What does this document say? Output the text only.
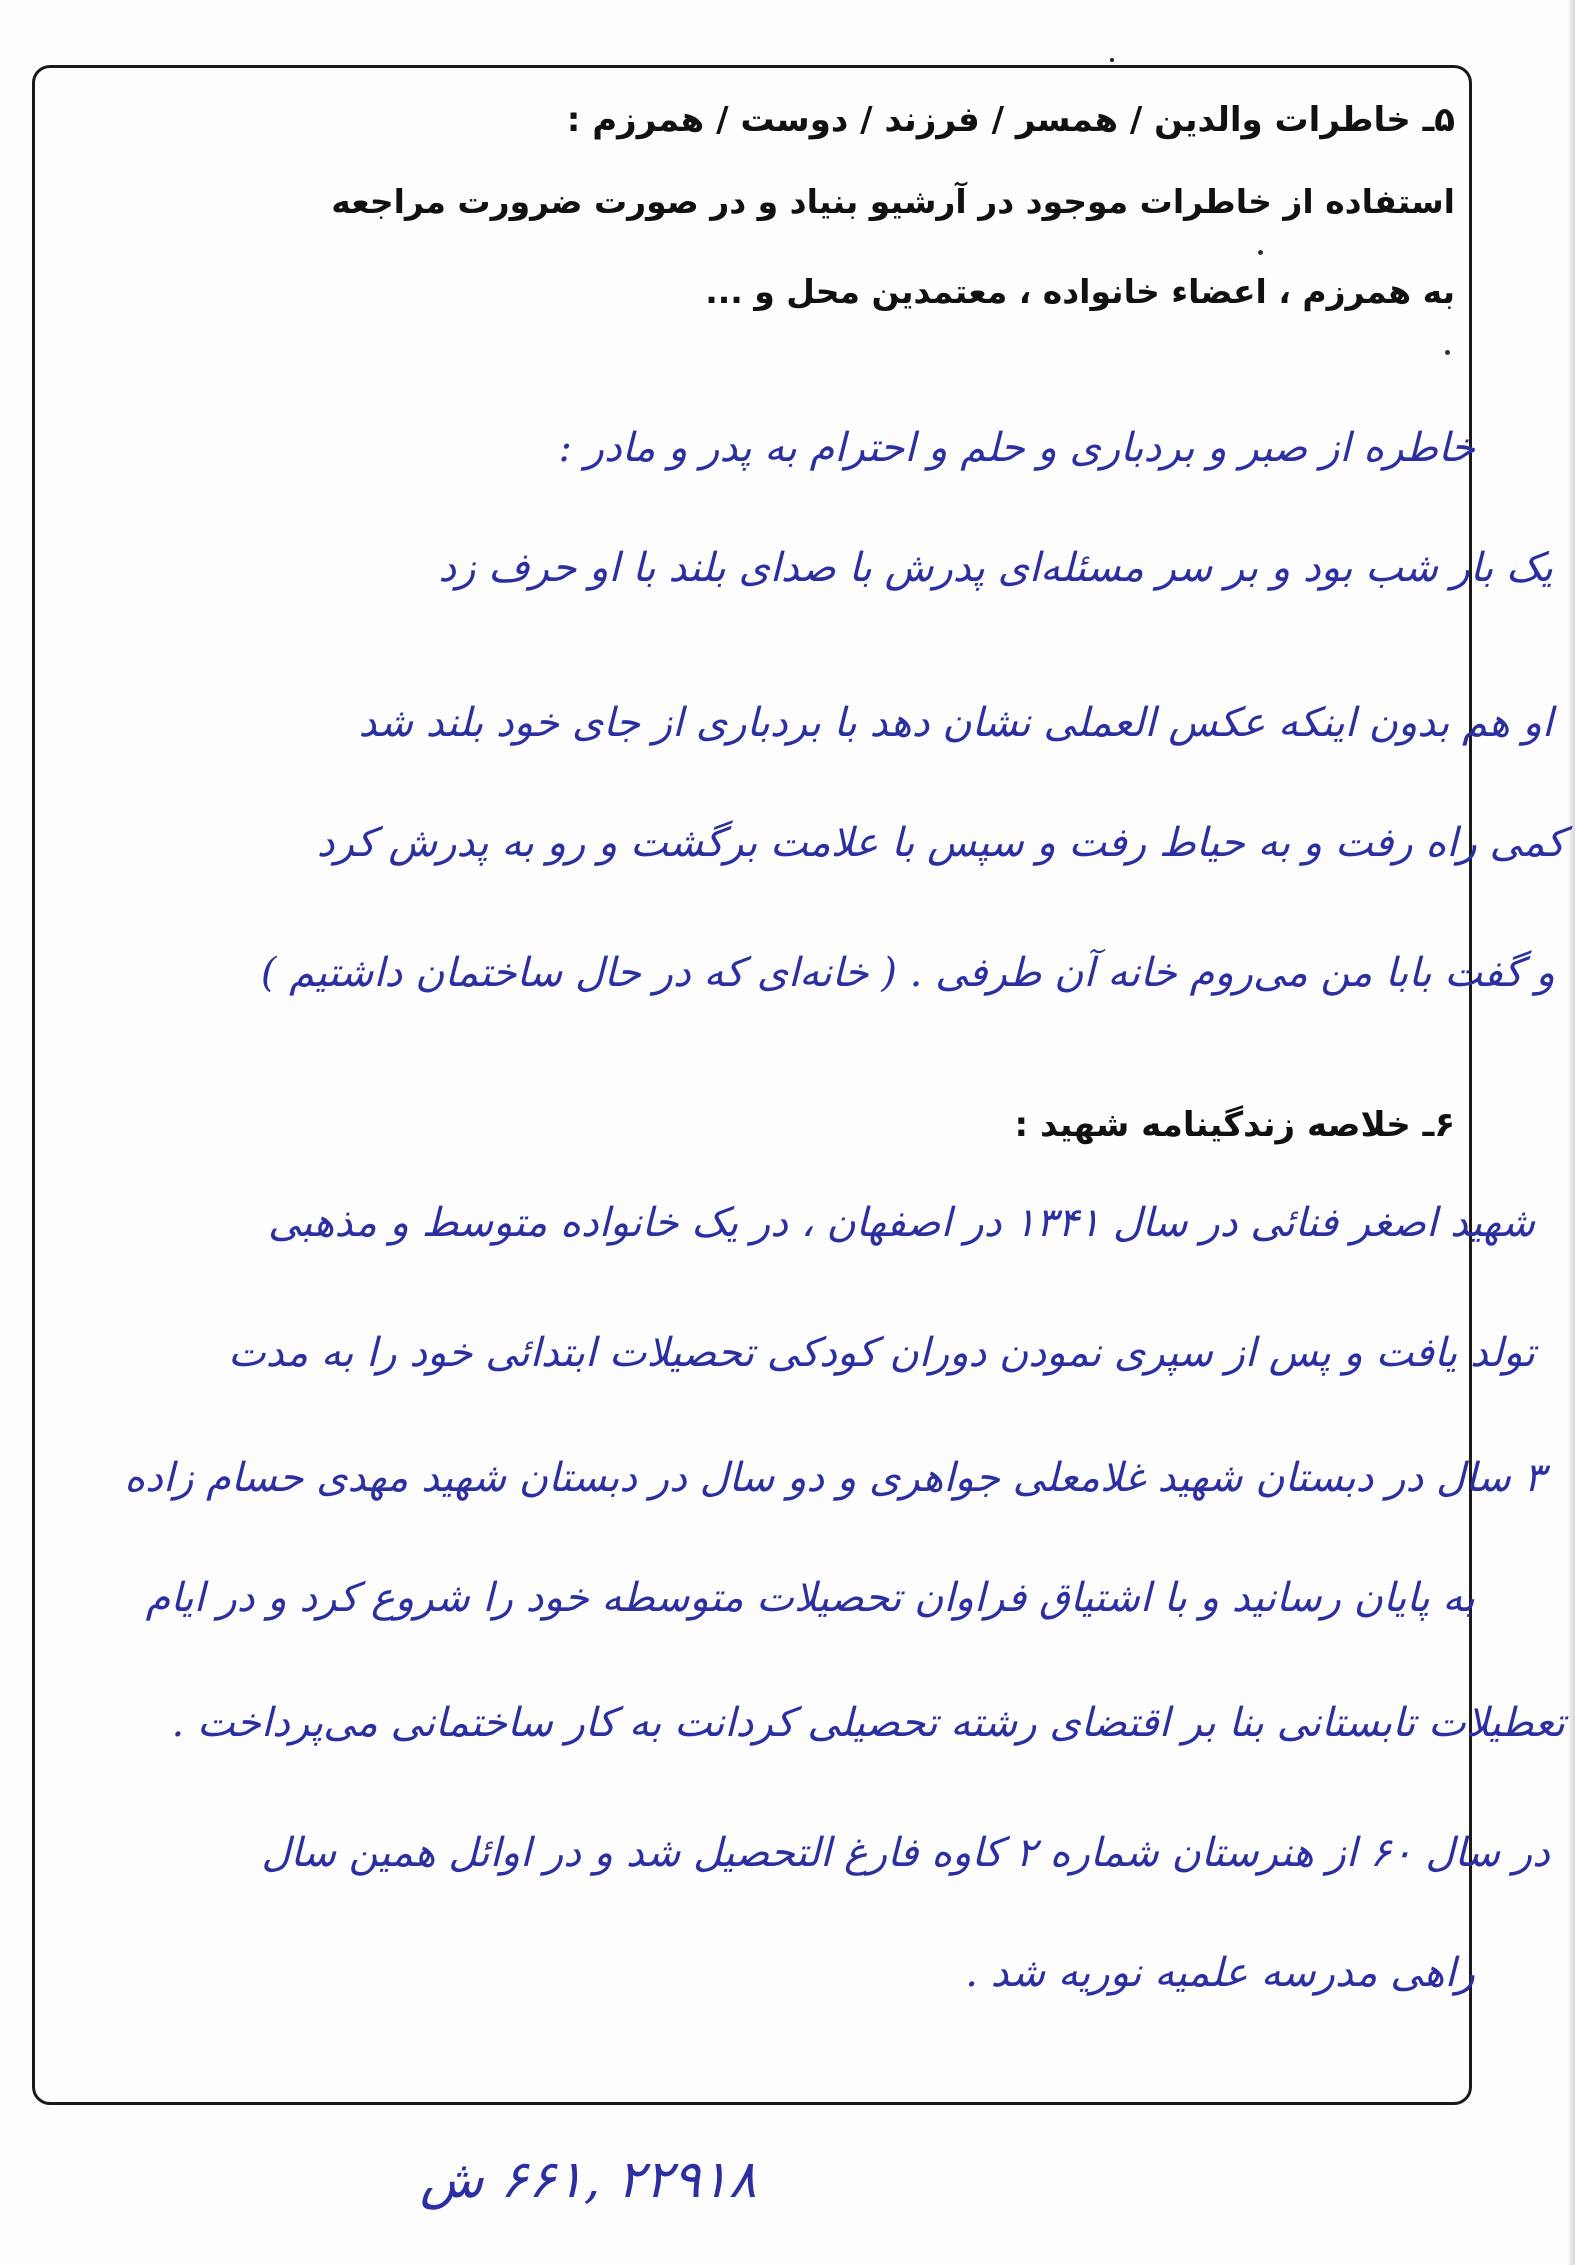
۵ـ خاطرات والدین / همسر / فرزند / دوست / همرزم :
استفاده از خاطرات موجود در آرشیو بنیاد و در صورت ضرورت مراجعه
به همرزم ، اعضاء خانواده ، معتمدین محل و ...
خاطره از صبر و بردباری و حلم و احترام به پدر و مادر :
یک بار شب بود و بر سر مسئله‌ای پدرش با صدای بلند با او حرف زد
او هم بدون اینکه عکس العملی نشان دهد با بردباری از جای خود بلند شد
کمی راه رفت و به حیاط رفت و سپس با علامت برگشت و رو به پدرش کرد
و گفت بابا من می‌روم خانه آن طرفی . ( خانه‌ای که در حال ساختمان داشتیم )
۶ـ خلاصه زندگینامه شهید :
شهید اصغر فنائی در سال ۱۳۴۱ در اصفهان ، در یک خانواده متوسط و مذهبی
تولد یافت و پس از سپری نمودن دوران کودکی تحصیلات ابتدائی خود را به مدت
۳ سال در دبستان شهید غلامعلی جواهری و دو سال در دبستان شهید مهدی حسام زاده
به پایان رسانید و با اشتیاق فراوان تحصیلات متوسطه خود را شروع کرد و در ایام
تعطیلات تابستانی بنا بر اقتضای رشته تحصیلی کردانت به کار ساختمانی می‌پرداخت .
در سال ۶۰ از هنرستان شماره ۲ کاوه فارغ التحصیل شد و در اوائل همین سال
راهی مدرسه علمیه نوریه شد .
۲۲۹۱۸ ,۶۶۱ ش
